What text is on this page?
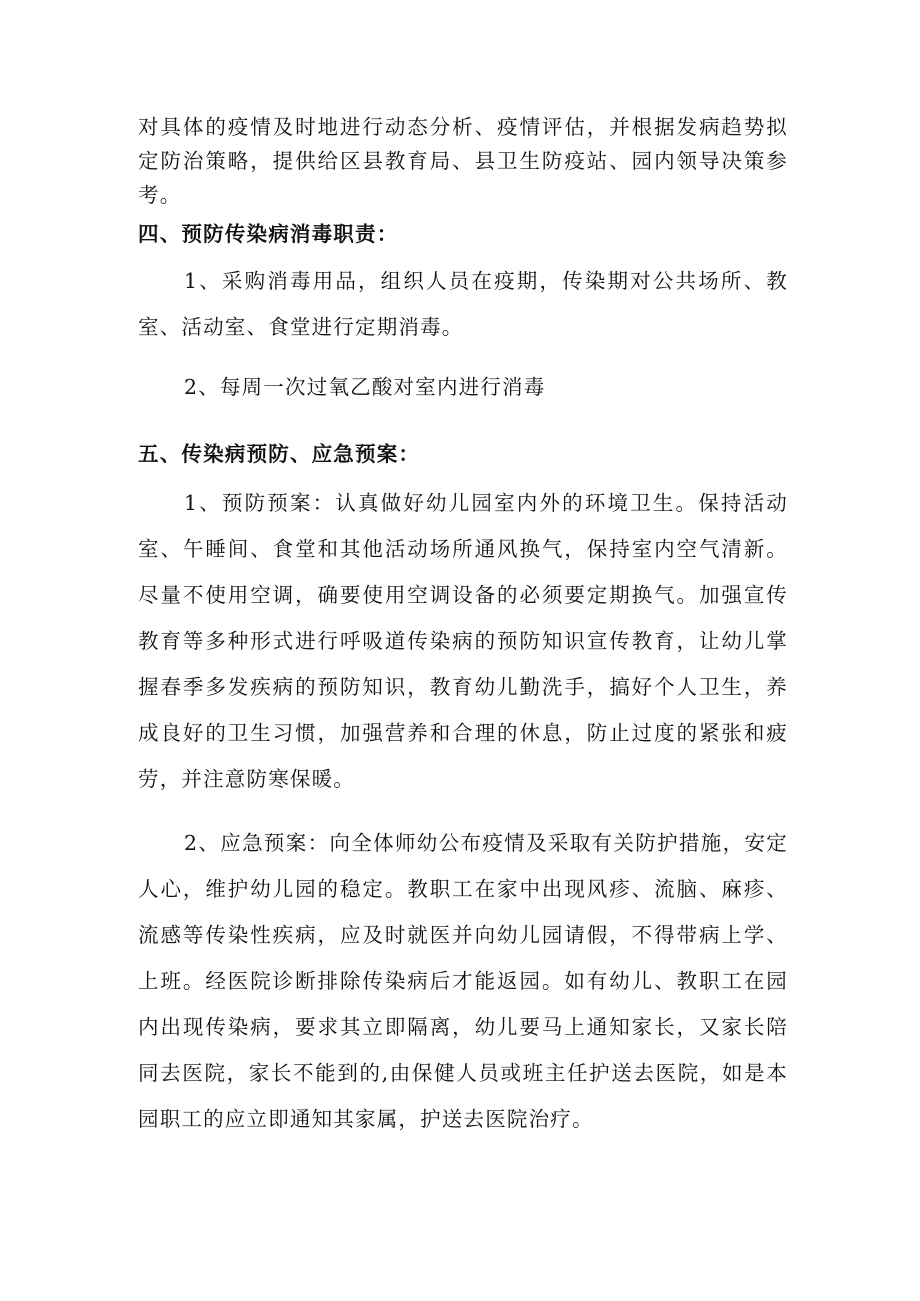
对具体的疫情及时地进行动态分析、疫情评估，并根据发病趋势拟定防治策略，提供给区县教育局、县卫生防疫站、园内领导决策参考。

四、预防传染病消毒职责：

1、采购消毒用品，组织人员在疫期，传染期对公共场所、教室、活动室、食堂进行定期消毒。

2、每周一次过氧乙酸对室内进行消毒

五、传染病预防、应急预案：

1、预防预案：认真做好幼儿园室内外的环境卫生。保持活动室、午睡间、食堂和其他活动场所通风换气，保持室内空气清新。尽量不使用空调，确要使用空调设备的必须要定期换气。加强宣传教育等多种形式进行呼吸道传染病的预防知识宣传教育，让幼儿掌握春季多发疾病的预防知识，教育幼儿勤洗手，搞好个人卫生，养成良好的卫生习惯，加强营养和合理的休息，防止过度的紧张和疲劳，并注意防寒保暖。

2、应急预案：向全体师幼公布疫情及采取有关防护措施，安定人心，维护幼儿园的稳定。教职工在家中出现风疹、流脑、麻疹、流感等传染性疾病，应及时就医并向幼儿园请假，不得带病上学、上班。经医院诊断排除传染病后才能返园。如有幼儿、教职工在园内出现传染病，要求其立即隔离，幼儿要马上通知家长，又家长陪同去医院，家长不能到的,由保健人员或班主任护送去医院，如是本园职工的应立即通知其家属，护送去医院治疗。
